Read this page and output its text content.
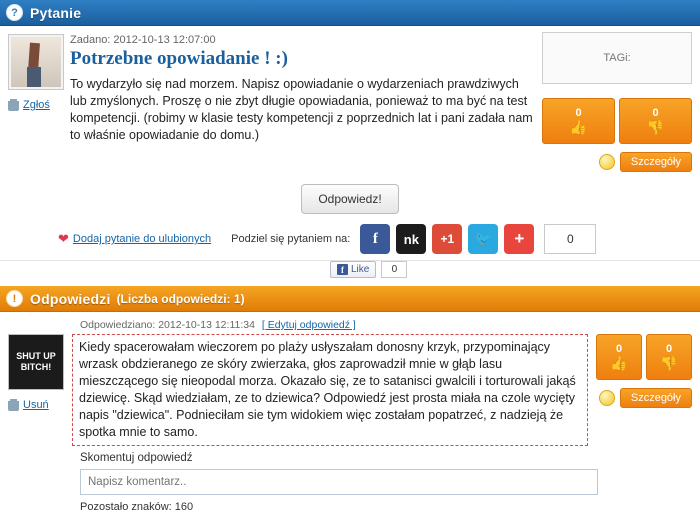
? Pytanie
Zgłoś
Zadano: 2012-10-13 12:07:00
Potrzebne opowiadanie ! :)
To wydarzyło się nad morzem. Napisz opowiadanie o wydarzeniach prawdziwych lub zmyślonych. Proszę o nie zbyt długie opowiadania, ponieważ to ma być na test kompetencji. (robimy w klasie testy kompetencji z poprzednich lat i pani zadała nam to właśnie opowiadanie do domu.)
TAGi:
0
👍
0
👎
Szczegóły
Odpowiedz!
❤ Dodaj pytanie do ulubionych Podziel się pytaniem na:	f	nk	+1	🐦	+	0
f Like	0
! Odpowiedzi (Liczba odpowiedzi: 1)
Odpowiedziano: 2012-10-13 12:11:34 [ Edytuj odpowiedź ]
SHUT UP BITCH!
Usuń
Kiedy spacerowałam wieczorem po plaży usłyszałam donosny krzyk, przypominający wrzask obdzieranego ze skóry zwierzaka, głos zaprowadził mnie w głąb lasu mieszczącego się nieopodal morza. Okazało się, ze to satanisci gwalcili i torturowali jakąś dziewicę. Skąd wiedziałam, ze to dziewica? Odpowiedź jest prosta miała na czole wycięty napis "dziewica". Podnieciłam sie tym widokiem więc zostałam popatrzeć, z nadzieją że spotka mnie to samo.
0
👍
0
👎
Szczegóły
Skomentuj odpowiedź
Napisz komentarz..
Pozostało znaków: 160
